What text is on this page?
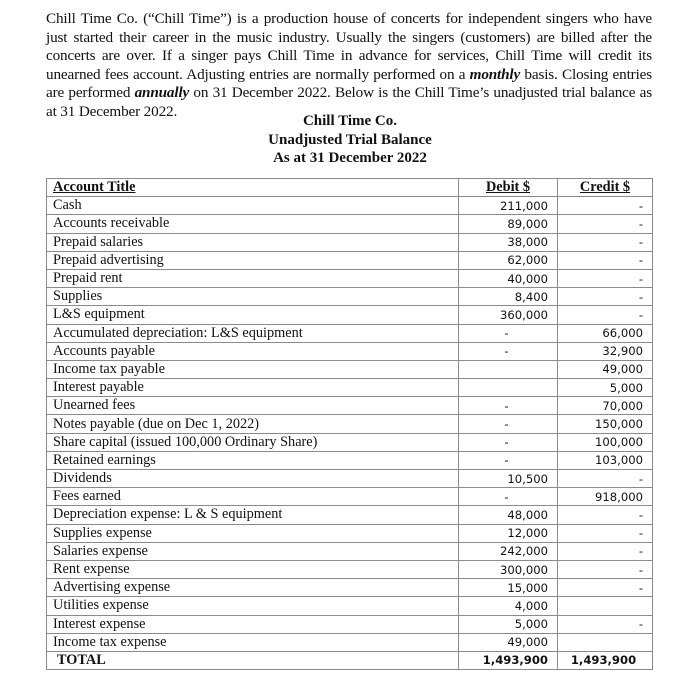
Chill Time Co. (“Chill Time”) is a production house of concerts for independent singers who have just started their career in the music industry. Usually the singers (customers) are billed after the concerts are over. If a singer pays Chill Time in advance for services, Chill Time will credit its unearned fees account. Adjusting entries are normally performed on a monthly basis. Closing entries are performed annually on 31 December 2022. Below is the Chill Time’s unadjusted trial balance as at 31 December 2022.
Chill Time Co.
Unadjusted Trial Balance
As at 31 December 2022
Account Title	Debit $	Credit $
Cash	211,000	-
Accounts receivable	89,000	-
Prepaid salaries	38,000	-
Prepaid advertising	62,000	-
Prepaid rent	40,000	-
Supplies	8,400	-
L&S equipment	360,000	-
Accumulated depreciation: L&S equipment	-	66,000
Accounts payable	-	32,900
Income tax payable		49,000
Interest payable		5,000
Unearned fees	-	70,000
Notes payable (due on Dec 1, 2022)	-	150,000
Share capital (issued 100,000 Ordinary Share)	-	100,000
Retained earnings	-	103,000
Dividends	10,500	-
Fees earned	-	918,000
Depreciation expense: L & S equipment	48,000	-
Supplies expense	12,000	-
Salaries expense	242,000	-
Rent expense	300,000	-
Advertising expense	15,000	-
Utilities expense	4,000	
Interest expense	5,000	-
Income tax expense	49,000	
TOTAL	1,493,900	1,493,900
